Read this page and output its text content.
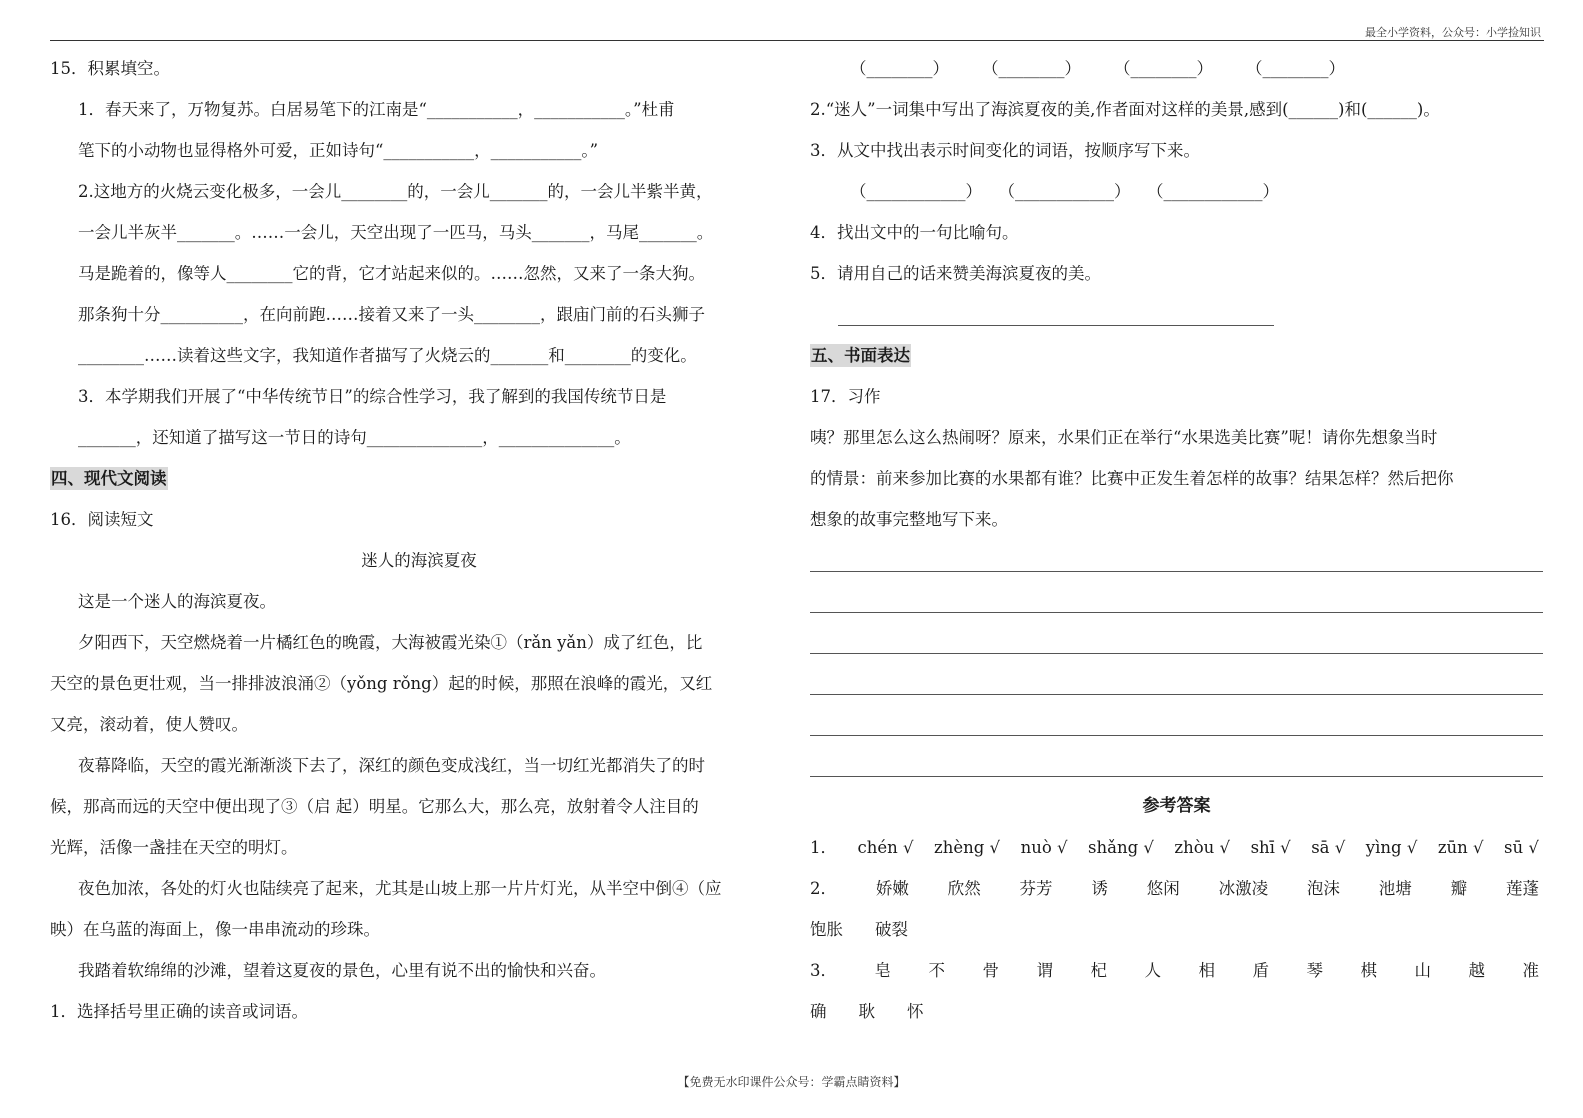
最全小学资料，公众号：小学捡知识
15．积累填空。
1．春天来了，万物复苏。白居易笔下的江南是“___________，___________。”杜甫
笔下的小动物也显得格外可爱，正如诗句“___________，___________。”
2.这地方的火烧云变化极多，一会儿________的，一会儿_______的，一会儿半紫半黄，
一会儿半灰半_______。……一会儿，天空出现了一匹马，马头_______，马尾_______。
马是跪着的，像等人________它的背，它才站起来似的。……忽然，又来了一条大狗。
那条狗十分__________，在向前跑……接着又来了一头________，跟庙门前的石头狮子
________……读着这些文字，我知道作者描写了火烧云的_______和________的变化。
3．本学期我们开展了“中华传统节日”的综合性学习，我了解到的我国传统节日是
_______，还知道了描写这一节日的诗句______________，______________。
四、现代文阅读
16．阅读短文
迷人的海滨夏夜
这是一个迷人的海滨夏夜。
夕阳西下，天空燃烧着一片橘红色的晚霞，大海被霞光染①（rǎn yǎn）成了红色，比
天空的景色更壮观，当一排排波浪涌②（yǒng rǒng）起的时候，那照在浪峰的霞光，又红
又亮，滚动着，使人赞叹。
夜幕降临，天空的霞光渐渐淡下去了，深红的颜色变成浅红，当一切红光都消失了的时
候，那高而远的天空中便出现了③（启 起）明星。它那么大，那么亮，放射着令人注目的
光辉，活像一盏挂在天空的明灯。
夜色加浓，各处的灯火也陆续亮了起来，尤其是山坡上那一片片灯光，从半空中倒④（应
映）在乌蓝的海面上，像一串串流动的珍珠。
我踏着软绵绵的沙滩，望着这夏夜的景色，心里有说不出的愉快和兴奋。
1．选择括号里正确的读音或词语。
（________）　　　（________）　　　（________）　　　（________）
2.“迷人”一词集中写出了海滨夏夜的美,作者面对这样的美景,感到(______)和(______)。
3．从文中找出表示时间变化的词语，按顺序写下来。
（____________）　　（____________）　　（____________）
4．找出文中的一句比喻句。
5．请用自己的话来赞美海滨夏夜的美。
五、书面表达
17．习作
咦？那里怎么这么热闹呀？原来，水果们正在举行“水果选美比赛”呢！请你先想象当时
的情景：前来参加比赛的水果都有谁？比赛中正发生着怎样的故事？结果怎样？然后把你
想象的故事完整地写下来。
参考答案
1． chén √ zhèng √ nuò √ shǎng √ zhòu √ shī √ sā √ yìng √ zūn √ sū √
2． 娇嫩 欣然 芬芳 诱 悠闲 冰激凌 泡沫 池塘 瓣 莲蓬
饱胀 破裂
3． 皂 不 骨 谓 杞 人 相 盾 琴 棋 山 越 准
确 耿 怀
【免费无水印课件公众号：学霸点睛资料】
